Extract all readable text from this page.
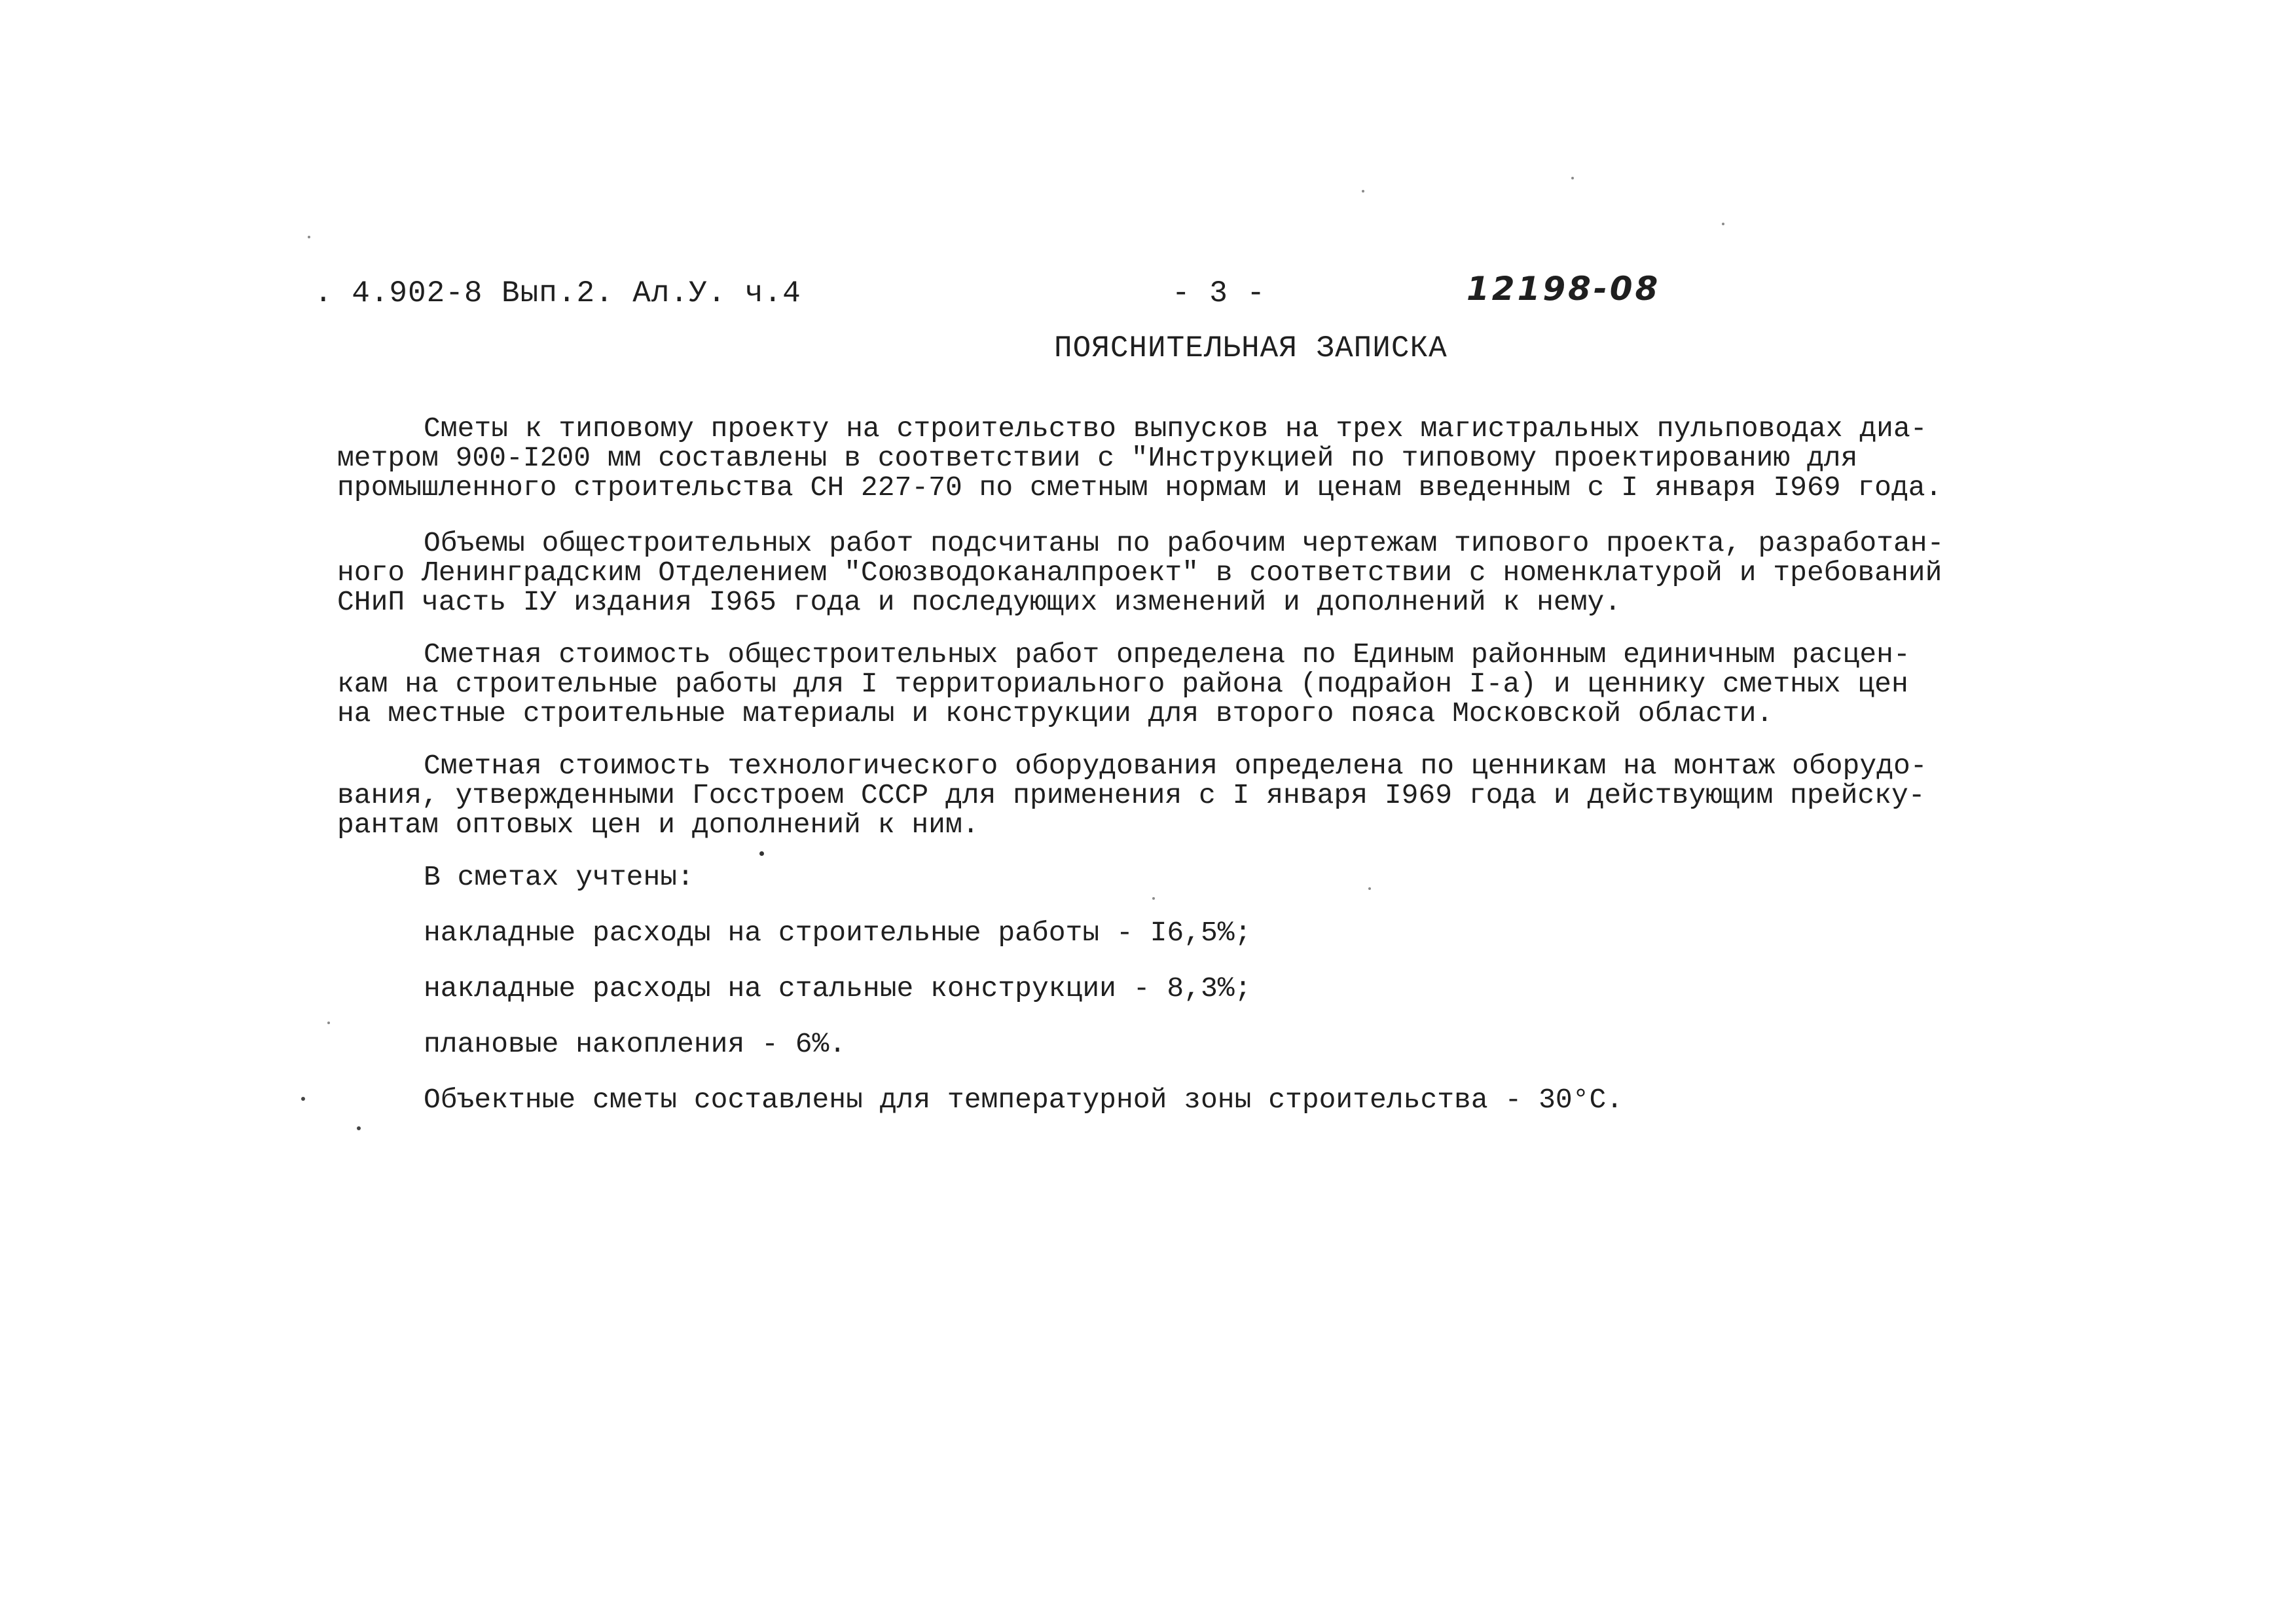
. 4.902-8 Вып.2. Ал.У. ч.4	- 3 -	12198-08
ПОЯСНИТЕЛЬНАЯ ЗАПИСКА
Сметы к типовому проекту на строительство выпусков на трех магистральных пульповодах диа-
метром 900-I200 мм составлены в соответствии с "Инструкцией по типовому проектированию для
промышленного строительства СН 227-70 по сметным нормам и ценам введенным с I января I969 года.
Объемы общестроительных работ подсчитаны по рабочим чертежам типового проекта, разработан-
ного Ленинградским Отделением "Союзводоканалпроект" в соответствии с номенклатурой и требований
СНиП часть IУ издания I965 года и последующих изменений и дополнений к нему.
Сметная стоимость общестроительных работ определена по Единым районным единичным расцен-
кам на строительные работы для I территориального района (подрайон I-а) и ценнику сметных цен
на местные строительные материалы и конструкции для второго пояса Московской области.
Сметная стоимость технологического оборудования определена по ценникам на монтаж оборудо-
вания, утвержденными Госстроем СССР для применения с I января I969 года и действующим прейску-
рантам оптовых цен и дополнений к ним.
В сметах учтены:
накладные расходы на строительные работы - I6,5%;
накладные расходы на стальные конструкции - 8,3%;
плановые накопления - 6%.
Объектные сметы составлены для температурной зоны строительства - 30°С.
